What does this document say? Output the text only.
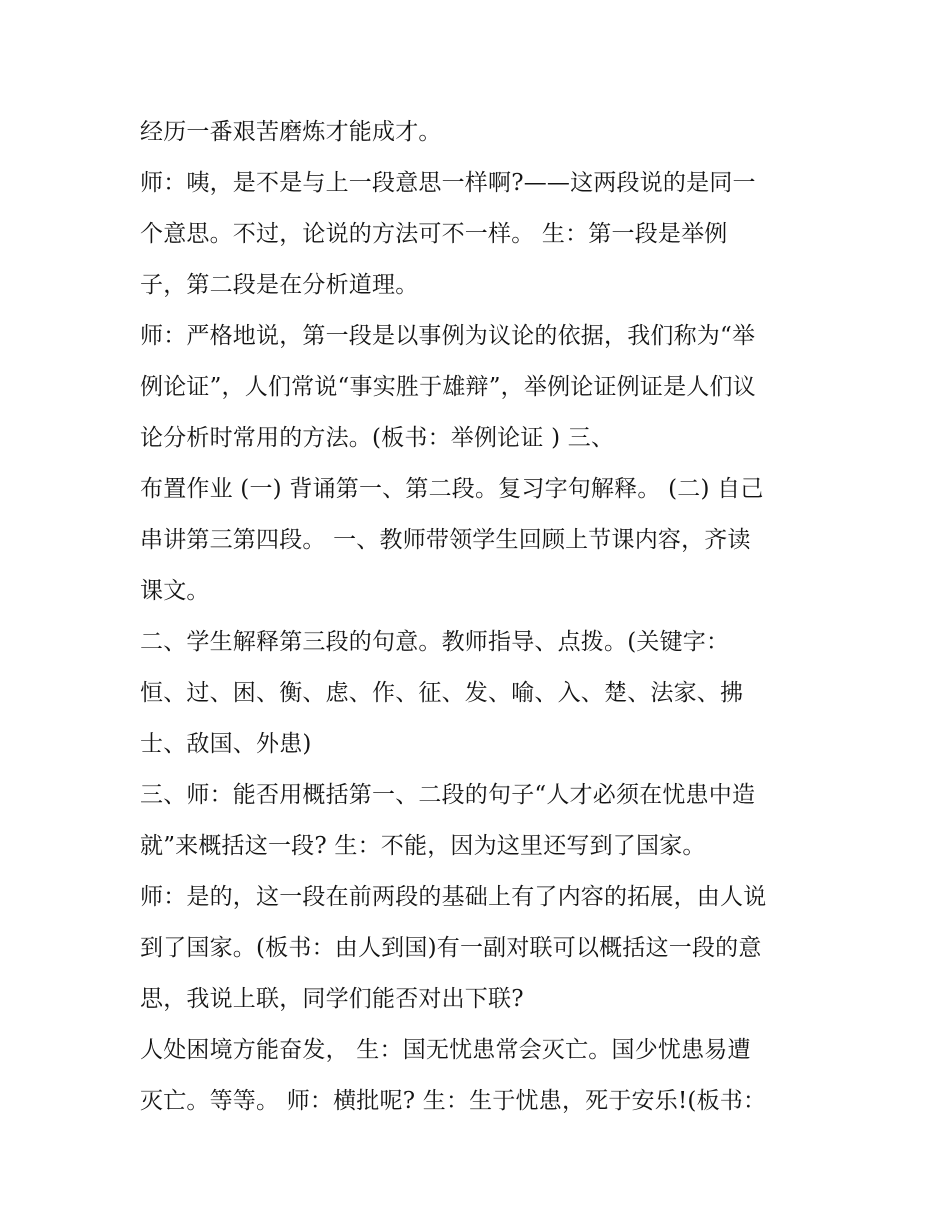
经历一番艰苦磨炼才能成才。
师：咦，是不是与上一段意思一样啊?——这两段说的是同一
个意思。不过，论说的方法可不一样。 生：第一段是举例
子，第二段是在分析道理。
师：严格地说，第一段是以事例为议论的依据，我们称为“举
例论证”，人们常说“事实胜于雄辩”，举例论证例证是人们议
论分析时常用的方法。(板书：举例论证 ) 三、
布置作业 (一) 背诵第一、第二段。复习字句解释。 (二) 自己
串讲第三第四段。 一、教师带领学生回顾上节课内容，齐读
课文。
二、学生解释第三段的句意。教师指导、点拨。(关键字：
恒、过、困、衡、虑、作、征、发、喻、入、楚、法家、拂
士、敌国、外患)
三、师：能否用概括第一、二段的句子“人才必须在忧患中造
就”来概括这一段? 生：不能，因为这里还写到了国家。
师：是的，这一段在前两段的基础上有了内容的拓展，由人说
到了国家。(板书：由人到国)有一副对联可以概括这一段的意
思，我说上联，同学们能否对出下联?
人处困境方能奋发， 生：国无忧患常会灭亡。国少忧患易遭
灭亡。等等。 师：横批呢? 生：生于忧患，死于安乐!(板书：
